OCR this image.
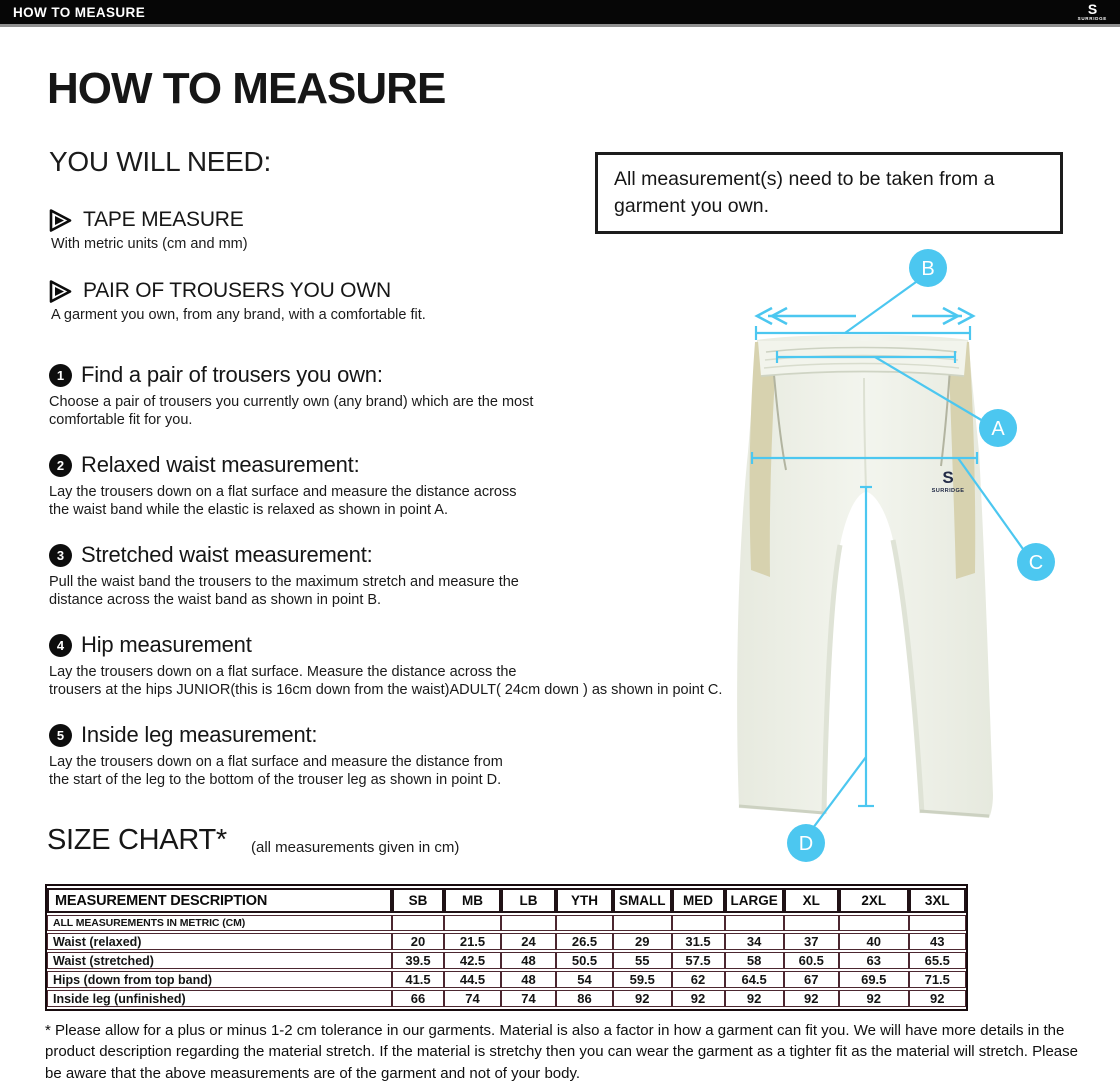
HOW TO MEASURE	S
SURRIDGE
HOW TO MEASURE
YOU WILL NEED:
TAPE MEASURE
With metric units (cm and mm)
PAIR OF TROUSERS YOU OWN
A garment you own, from any brand, with a comfortable fit.
1 Find a pair of trousers you own:
Choose a pair of trousers you currently own (any brand) which are the most
comfortable fit for you.
2 Relaxed waist measurement:
Lay the trousers down on a flat surface and measure the distance across
the waist band while the elastic is relaxed as shown in point A.
3 Stretched waist measurement:
Pull the waist band the trousers to the maximum stretch and measure the
distance across the waist band as shown in point B.
4 Hip measurement
Lay the trousers down on a flat surface. Measure the distance across the
trousers at the hips JUNIOR(this is 16cm down from the waist)ADULT( 24cm down ) as shown in point C.
5 Inside leg measurement:
Lay the trousers down on a flat surface and measure the distance from
the start of the leg to the bottom of the trouser leg as shown in point D.
All measurement(s) need to be taken from a garment you own.
S
SURRIDGE
B
A
C
D
SIZE CHART* (all measurements given in cm)
MEASUREMENT DESCRIPTION	SB	MB	LB	YTH	SMALL	MED	LARGE	XL	2XL	3XL
ALL MEASUREMENTS IN METRIC (CM)										
Waist (relaxed)	20	21.5	24	26.5	29	31.5	34	37	40	43
Waist (stretched)	39.5	42.5	48	50.5	55	57.5	58	60.5	63	65.5
Hips (down from top band)	41.5	44.5	48	54	59.5	62	64.5	67	69.5	71.5
Inside leg (unfinished)	66	74	74	86	92	92	92	92	92	92
* Please allow for a plus or minus 1-2 cm tolerance in our garments. Material is also a factor in how a garment can fit you. We will have more details in the product description regarding the material stretch. If the material is stretchy then you can wear the garment as a tighter fit as the material will stretch. Please be aware that the above measurements are of the garment and not of your body.
